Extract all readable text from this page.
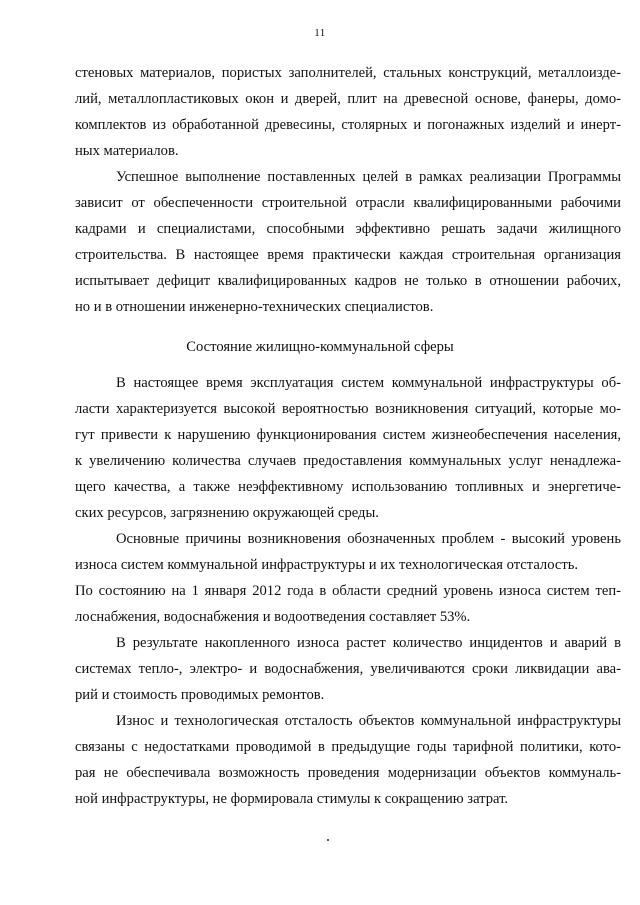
11
стеновых материалов, пористых заполнителей, стальных конструкций, металлоизде-
лий, металлопластиковых окон и дверей, плит на древесной основе, фанеры, домо-
комплектов из обработанной древесины, столярных и погонажных изделий и инерт-
ных материалов.
Успешное выполнение поставленных целей в рамках реализации Программы
зависит от обеспеченности строительной отрасли квалифицированными рабочими
кадрами и специалистами, способными эффективно решать задачи жилищного
строительства. В настоящее время практически каждая строительная организация
испытывает дефицит квалифицированных кадров не только в отношении рабочих,
но и в отношении инженерно-технических специалистов.
Состояние жилищно-коммунальной сферы
В настоящее время эксплуатация систем коммунальной инфраструктуры об-
ласти характеризуется высокой вероятностью возникновения ситуаций, которые мо-
гут привести к нарушению функционирования систем жизнеобеспечения населения,
к увеличению количества случаев предоставления коммунальных услуг ненадлежа-
щего качества, а также неэффективному использованию топливных и энергетиче-
ских ресурсов, загрязнению окружающей среды.
Основные причины возникновения обозначенных проблем - высокий уровень
износа систем коммунальной инфраструктуры и их технологическая отсталость.
По состоянию на 1 января 2012 года в области средний уровень износа систем теп-
лоснабжения, водоснабжения и водоотведения составляет 53%.
В результате накопленного износа растет количество инцидентов и аварий в
системах тепло-, электро- и водоснабжения, увеличиваются сроки ликвидации ава-
рий и стоимость проводимых ремонтов.
Износ и технологическая отсталость объектов коммунальной инфраструктуры
связаны с недостатками проводимой в предыдущие годы тарифной политики, кото-
рая не обеспечивала возможность проведения модернизации объектов коммуналь-
ной инфраструктуры, не формировала стимулы к сокращению затрат.
